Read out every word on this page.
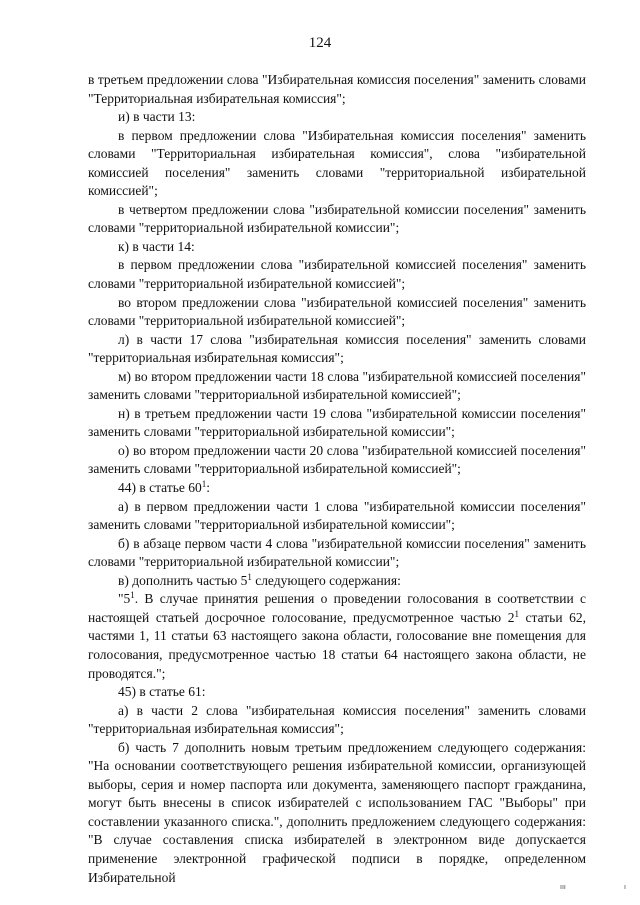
124

в третьем предложении слова "Избирательная комиссия поселения" заменить словами "Территориальная избирательная комиссия";

и) в части 13:

в первом предложении слова "Избирательная комиссия поселения" заменить словами "Территориальная избирательная комиссия", слова "избирательной комиссией поселения" заменить словами "территориальной избирательной комиссией";

в четвертом предложении слова "избирательной комиссии поселения" заменить словами "территориальной избирательной комиссии";

к) в части 14:

в первом предложении слова "избирательной комиссией поселения" заменить словами "территориальной избирательной комиссией";

во втором предложении слова "избирательной комиссией поселения" заменить словами "территориальной избирательной комиссией";

л) в части 17 слова "избирательная комиссия поселения" заменить словами "территориальная избирательная комиссия";

м) во втором предложении части 18 слова "избирательной комиссией поселения" заменить словами "территориальной избирательной комиссией";

н) в третьем предложении части 19 слова "избирательной комиссии поселения" заменить словами "территориальной избирательной комиссии";

о) во втором предложении части 20 слова "избирательной комиссией поселения" заменить словами "территориальной избирательной комиссией";

44) в статье $60^1$:

а) в первом предложении части 1 слова "избирательной комиссии поселения" заменить словами "территориальной избирательной комиссии";

б) в абзаце первом части 4 слова "избирательной комиссии поселения" заменить словами "территориальной избирательной комиссии";

в) дополнить частью $5^1$ следующего содержания:

"$5^1$. В случае принятия решения о проведении голосования в соответствии с настоящей статьей досрочное голосование, предусмотренное частью $2^1$ статьи 62, частями 1, 11 статьи 63 настоящего закона области, голосование вне помещения для голосования, предусмотренное частью 18 статьи 64 настоящего закона области, не проводятся.";

45) в статье 61:

а) в части 2 слова "избирательная комиссия поселения" заменить словами "территориальная избирательная комиссия";

б) часть 7 дополнить новым третьим предложением следующего содержания: "На основании соответствующего решения избирательной комиссии, организующей выборы, серия и номер паспорта или документа, заменяющего паспорт гражданина, могут быть внесены в список избирателей с использованием ГАС "Выборы" при составлении указанного списка.", дополнить предложением следующего содержания: "В случае составления списка избирателей в электронном виде допускается применение электронной графической подписи в порядке, определенном Избирательной

ııı	ı
